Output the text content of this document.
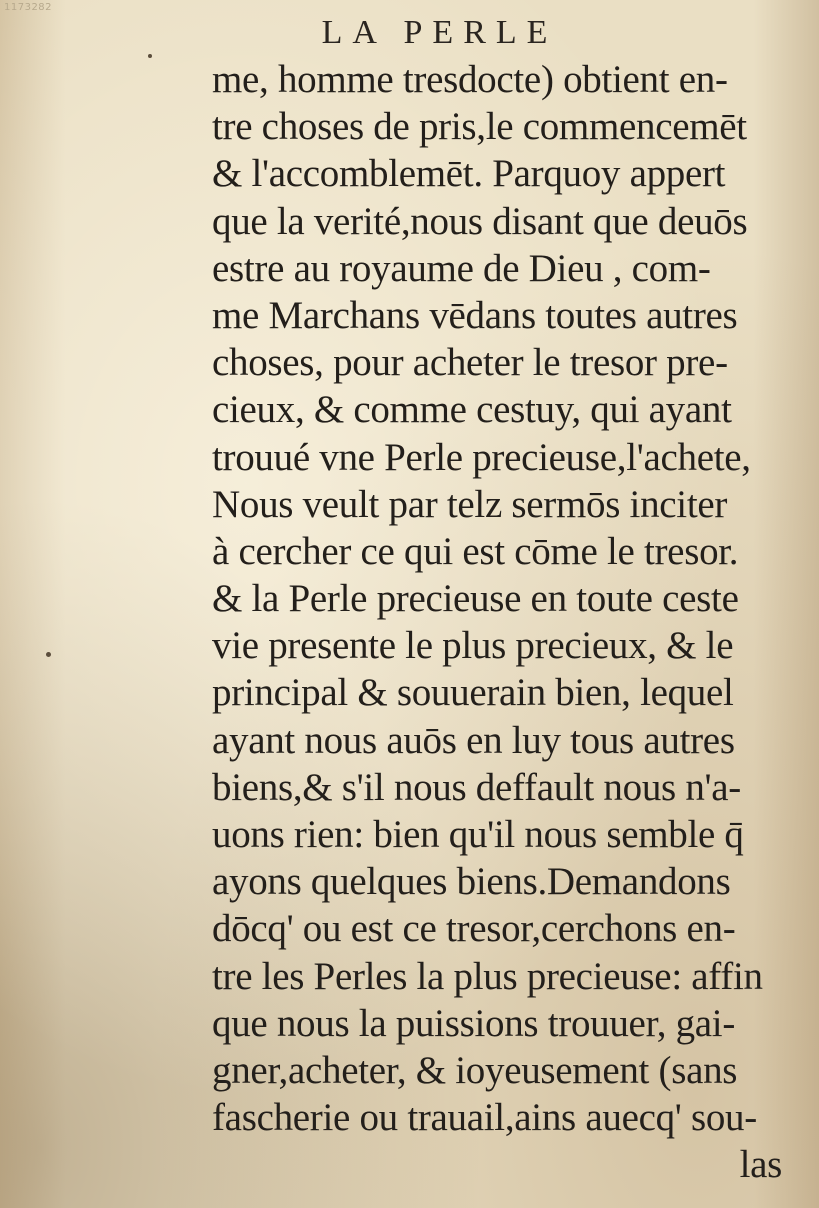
1173282
LA PERLE
me, homme tresdocte) obtient en-
tre choses de pris,le commencemēt
& l'accomblemēt. Parquoy appert
que la verité,nous disant que deuōs
estre au royaume de Dieu , com-
me Marchans vēdans toutes autres
choses, pour acheter le tresor pre-
cieux, & comme cestuy, qui ayant
trouué vne Perle precieuse,l'achete,
Nous veult par telz sermōs inciter
à cercher ce qui est cōme le tresor.
& la Perle precieuse en toute ceste
vie presente le plus precieux, & le
principal & souuerain bien, lequel
ayant nous auōs en luy tous autres
biens,& s'il nous deffault nous n'a-
uons rien: bien qu'il nous semble q̄
ayons quelques biens.Demandons
dōcq' ou est ce tresor,cerchons en-
tre les Perles la plus precieuse: affin
que nous la puissions trouuer, gai-
gner,acheter, & ioyeusement (sans
fascherie ou trauail,ains auecq' sou-
las
